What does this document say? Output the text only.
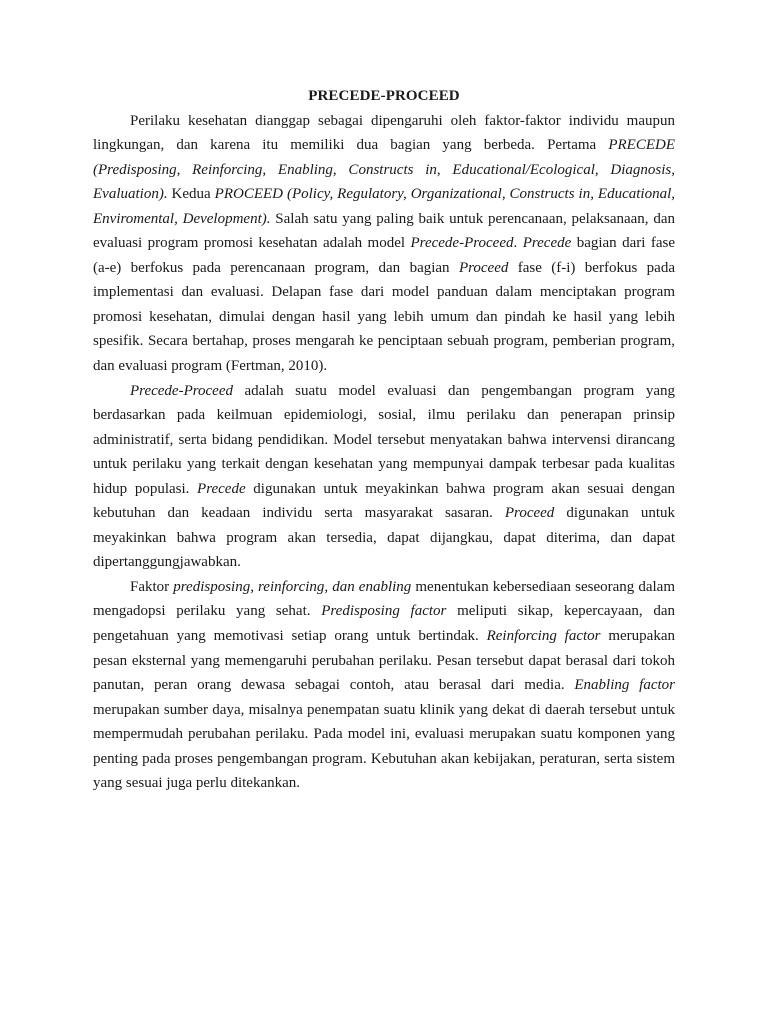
PRECEDE-PROCEED

Perilaku kesehatan dianggap sebagai dipengaruhi oleh faktor-faktor individu maupun lingkungan, dan karena itu memiliki dua bagian yang berbeda. Pertama PRECEDE (Predisposing, Reinforcing, Enabling, Constructs in, Educational/Ecological, Diagnosis, Evaluation). Kedua PROCEED (Policy, Regulatory, Organizational, Constructs in, Educational, Enviromental, Development). Salah satu yang paling baik untuk perencanaan, pelaksanaan, dan evaluasi program promosi kesehatan adalah model Precede-Proceed. Precede bagian dari fase (a-e) berfokus pada perencanaan program, dan bagian Proceed fase (f-i) berfokus pada implementasi dan evaluasi. Delapan fase dari model panduan dalam menciptakan program promosi kesehatan, dimulai dengan hasil yang lebih umum dan pindah ke hasil yang lebih spesifik. Secara bertahap, proses mengarah ke penciptaan sebuah program, pemberian program, dan evaluasi program (Fertman, 2010).

Precede-Proceed adalah suatu model evaluasi dan pengembangan program yang berdasarkan pada keilmuan epidemiologi, sosial, ilmu perilaku dan penerapan prinsip administratif, serta bidang pendidikan. Model tersebut menyatakan bahwa intervensi dirancang untuk perilaku yang terkait dengan kesehatan yang mempunyai dampak terbesar pada kualitas hidup populasi. Precede digunakan untuk meyakinkan bahwa program akan sesuai dengan kebutuhan dan keadaan individu serta masyarakat sasaran. Proceed digunakan untuk meyakinkan bahwa program akan tersedia, dapat dijangkau, dapat diterima, dan dapat dipertanggungjawabkan.

Faktor predisposing, reinforcing, dan enabling menentukan kebersediaan seseorang dalam mengadopsi perilaku yang sehat. Predisposing factor meliputi sikap, kepercayaan, dan pengetahuan yang memotivasi setiap orang untuk bertindak. Reinforcing factor merupakan pesan eksternal yang memengaruhi perubahan perilaku. Pesan tersebut dapat berasal dari tokoh panutan, peran orang dewasa sebagai contoh, atau berasal dari media. Enabling factor merupakan sumber daya, misalnya penempatan suatu klinik yang dekat di daerah tersebut untuk mempermudah perubahan perilaku. Pada model ini, evaluasi merupakan suatu komponen yang penting pada proses pengembangan program. Kebutuhan akan kebijakan, peraturan, serta sistem yang sesuai juga perlu ditekankan.
